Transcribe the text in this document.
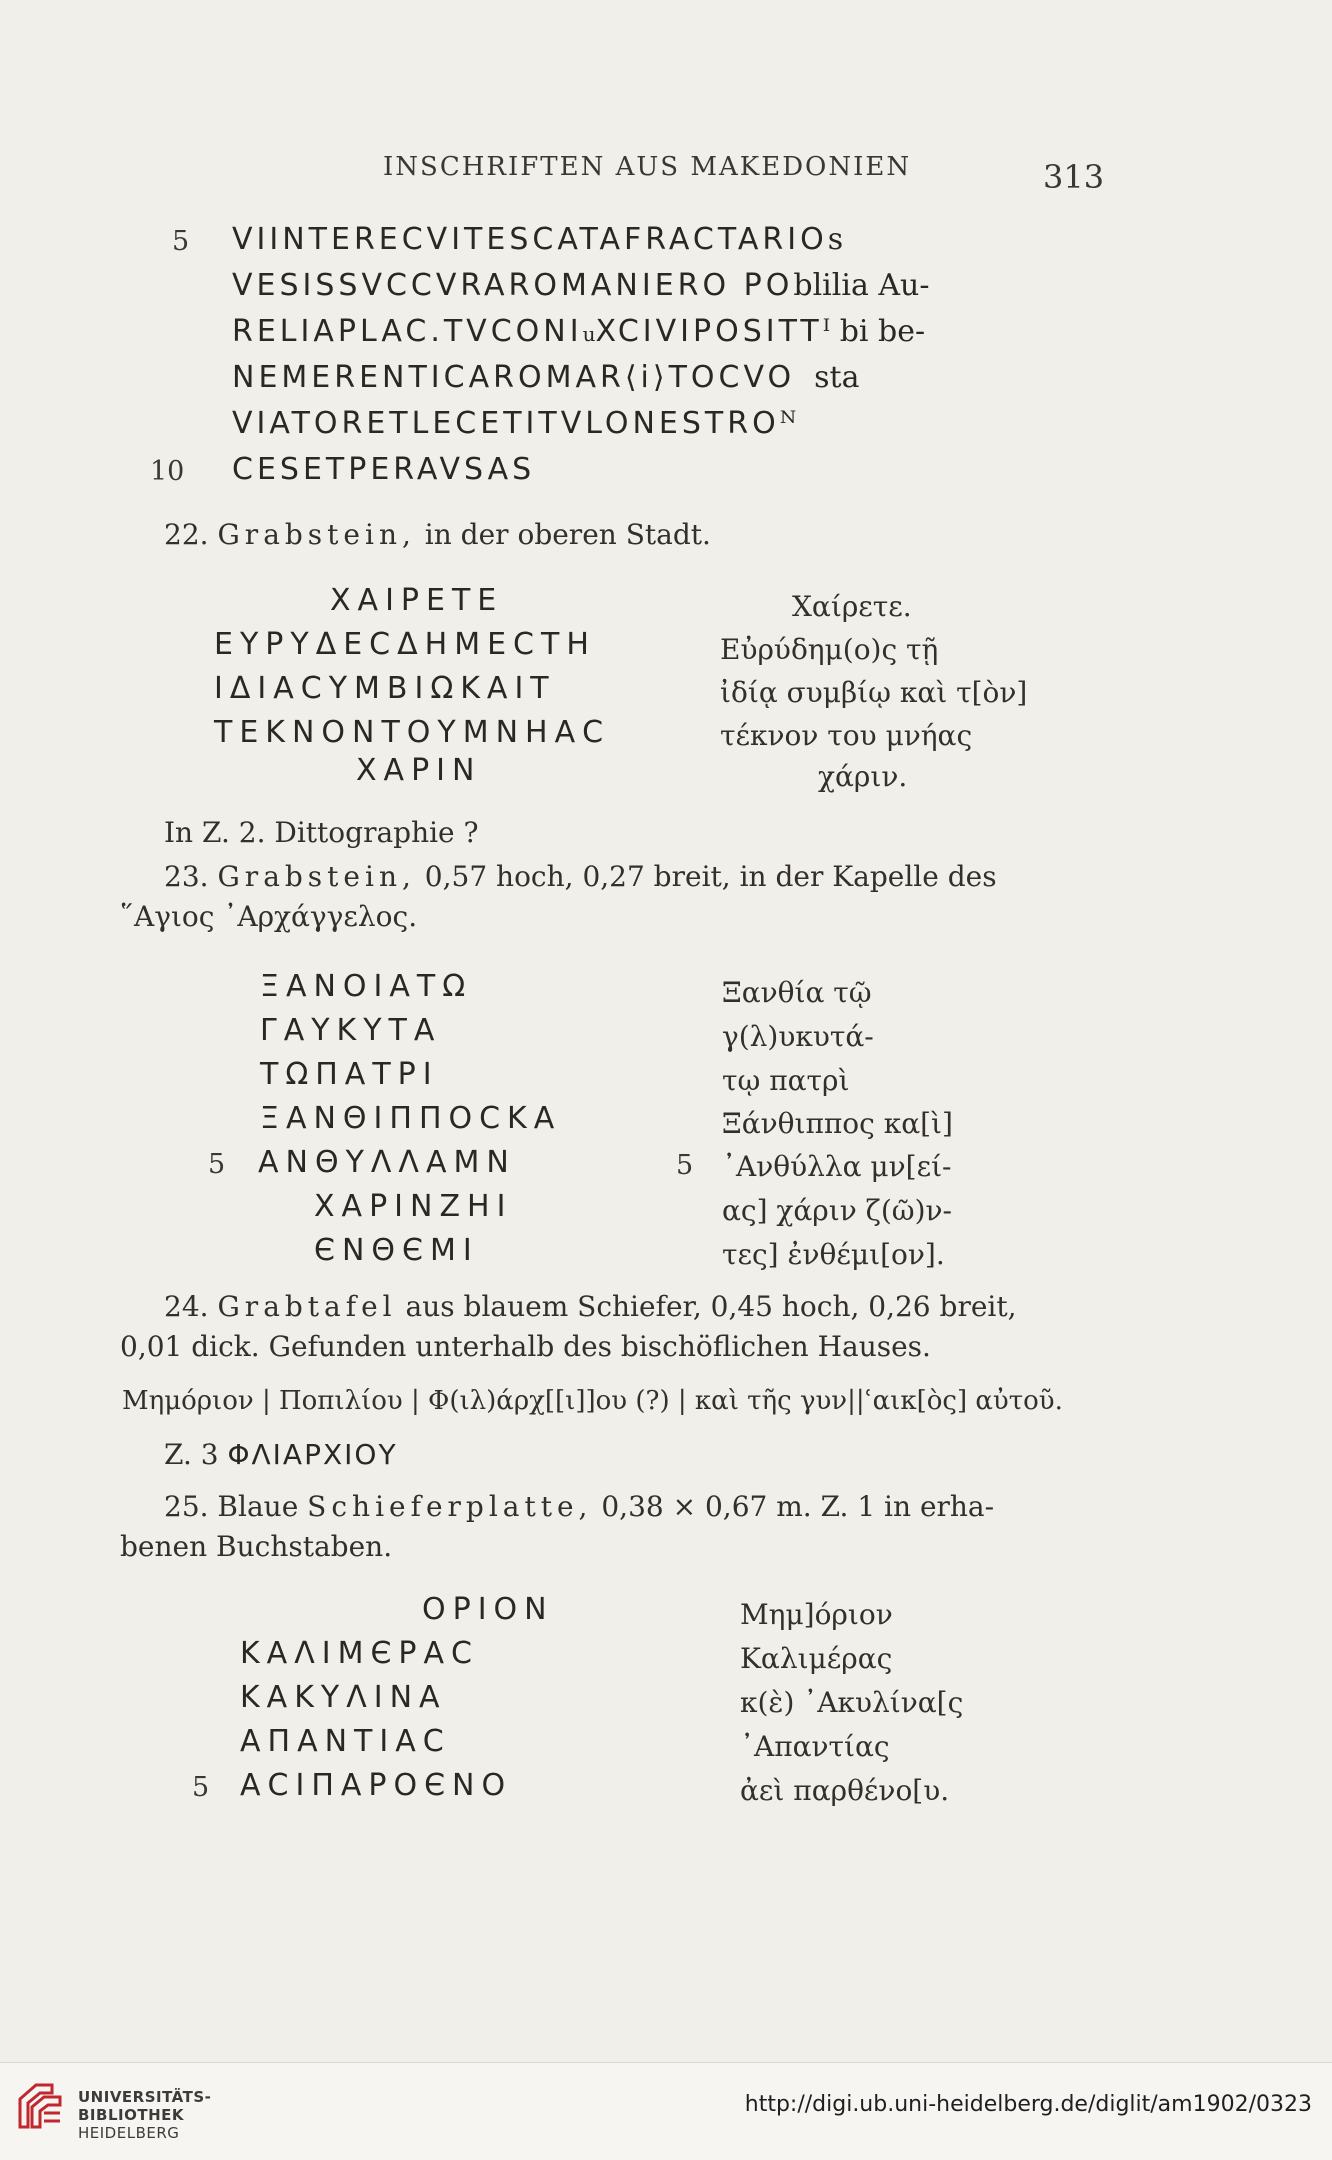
INSCHRIFTEN AUS MAKEDONIEN	313
5 VIINTERECVITESCATAFRACTARIOs
VESISSVCCVRAROMANIERO POblilia Au-
RELIAPLAC.TVCONIuXCIVIPOSITTᴵ bi be-
NEMERENTICAROMAR⟨i⟩TOCVO  sta
VIATORETLECETITVLONESTROᴺ
10 CESETPERAVSAS
22. Grabstein, in der oberen Stadt.
ΧΑΙΡΕΤΕ
ΕΥΡΥΔΕCΔΗΜΕCΤΗ
ΙΔΙΑCΥΜΒΙΩΚΑΙΤ
ΤΕΚΝΟΝΤΟΥΜΝΗΑC
ΧΑΡΙΝ
Χαίρετε.
Εὐρύδημ(ο)ς τῇ
ἰδίᾳ συμβίῳ καὶ τ[ὸν]
τέκνον του μνήας
χάριν.
In Z. 2. Dittographie ?
23. Grabstein, 0,57 hoch, 0,27 breit, in der Kapelle des
῞Αγιος ᾿Αρχάγγελος.
ΞΑΝΟΙΑΤΩ
ΓΑΥΚΥΤΑ
ΤΩΠΑΤΡΙ
ΞΑΝΘΙΠΠΟCΚΑ
5 ΑΝΘΥΛΛΑΜΝ
ΧΑΡΙΝΖΗΙ
ЄΝΘЄΜΙ
Ξανθία τῷ
γ(λ)υκυτά-
τῳ πατρὶ
Ξάνθιππος κα[ὶ]
5 ᾿Ανθύλλα μν[εί-
ας] χάριν ζ(ῶ)ν-
τες] ἐνθέμι[ον].
24. Grabtafel aus blauem Schiefer, 0,45 hoch, 0,26 breit,
0,01 dick. Gefunden unterhalb des bischöflichen Hauses.
Μημόριον | Ποπιλίου | Φ(ιλ)άρχ[[ι]]ου (?) | καὶ τῆς γυν||ʿαικ[ὸς] αὐτοῦ.
Z. 3 ΦΛΙΑΡΧΙΟΥ
25. Blaue Schieferplatte, 0,38 × 0,67 m. Z. 1 in erha-
benen Buchstaben.
ΟΡΙΟΝ
ΚΑΛΙΜЄΡΑC
ΚΑΚΥΛΙΝΑ
ΑΠΑΝΤΙΑC
5 ΑCΙΠΑΡΟЄΝΟ
Μημ]όριον
Καλιμέρας
κ(ὲ) ᾿Ακυλίνα[ς
᾿Απαντίας
ἀεὶ παρθένο[υ.
UNIVERSITÄTS-
BIBLIOTHEK
HEIDELBERG
http://digi.ub.uni-heidelberg.de/diglit/am1902/0323
